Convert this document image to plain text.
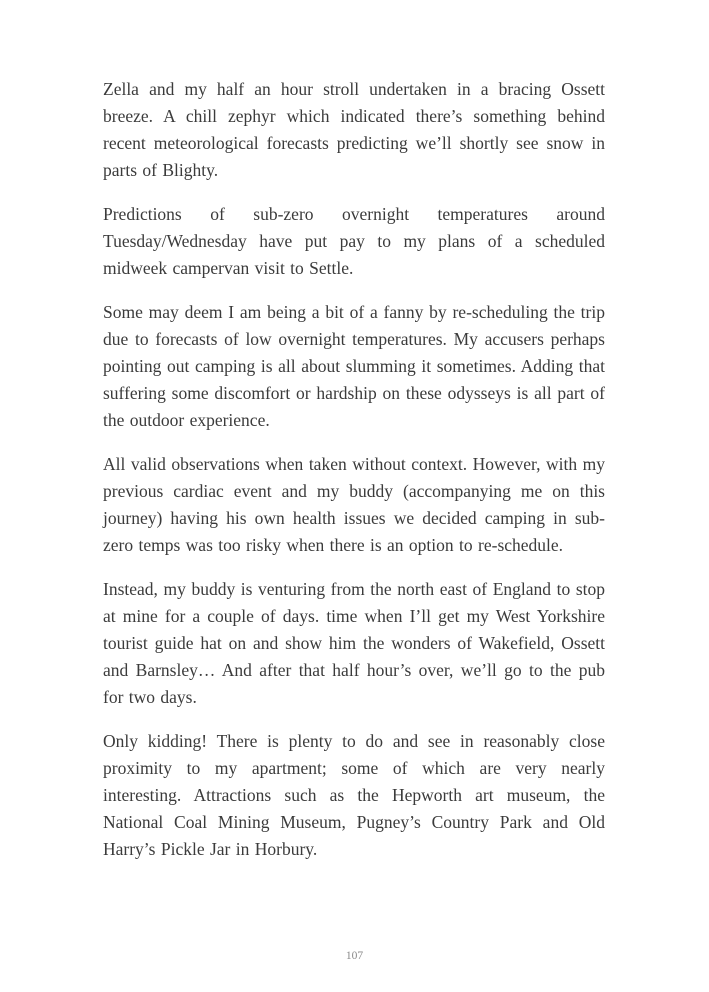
Zella and my half an hour stroll undertaken in a bracing Ossett breeze. A chill zephyr which indicated there’s something behind recent meteorological forecasts predicting we’ll shortly see snow in parts of Blighty.

Predictions of sub-zero overnight temperatures around Tuesday/Wednesday have put pay to my plans of a scheduled midweek campervan visit to Settle.

Some may deem I am being a bit of a fanny by re-scheduling the trip due to forecasts of low overnight temperatures. My accusers perhaps pointing out camping is all about slumming it sometimes. Adding that suffering some discomfort or hardship on these odysseys is all part of the outdoor experience.

All valid observations when taken without context. However, with my previous cardiac event and my buddy (accompanying me on this journey) having his own health issues we decided camping in sub-zero temps was too risky when there is an option to re-schedule.

Instead, my buddy is venturing from the north east of England to stop at mine for a couple of days. time when I’ll get my West Yorkshire tourist guide hat on and show him the wonders of Wakefield, Ossett and Barnsley… And after that half hour’s over, we’ll go to the pub for two days.

Only kidding! There is plenty to do and see in reasonably close proximity to my apartment; some of which are very nearly interesting. Attractions such as the Hepworth art museum, the National Coal Mining Museum, Pugney’s Country Park and Old Harry’s Pickle Jar in Horbury.

107
